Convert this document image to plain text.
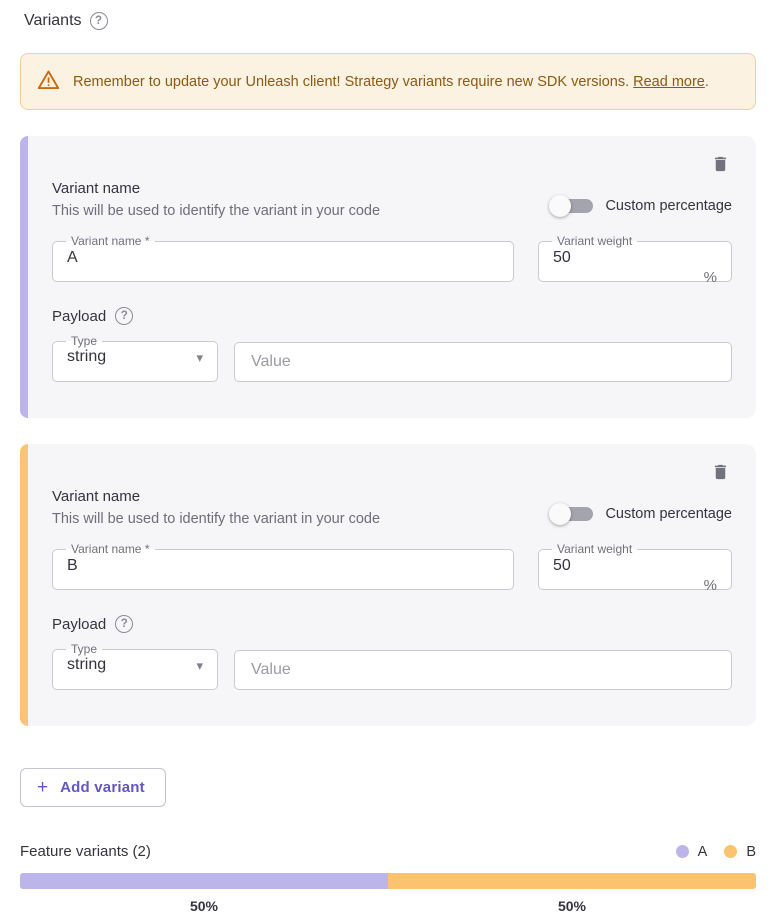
Variants	?
Remember to update your Unleash client! Strategy variants require new SDK versions. Read more.
Variant name
This will be used to identify the variant in your code	Custom percentage
Variant name *
A	Variant weight
50
%
Payload	?
Type
string	▾
Value
Variant name
This will be used to identify the variant in your code	Custom percentage
Variant name *
B	Variant weight
50
%
Payload	?
Type
string	▾
Value
+ Add variant
Feature variants (2)	A	B
50%	50%
